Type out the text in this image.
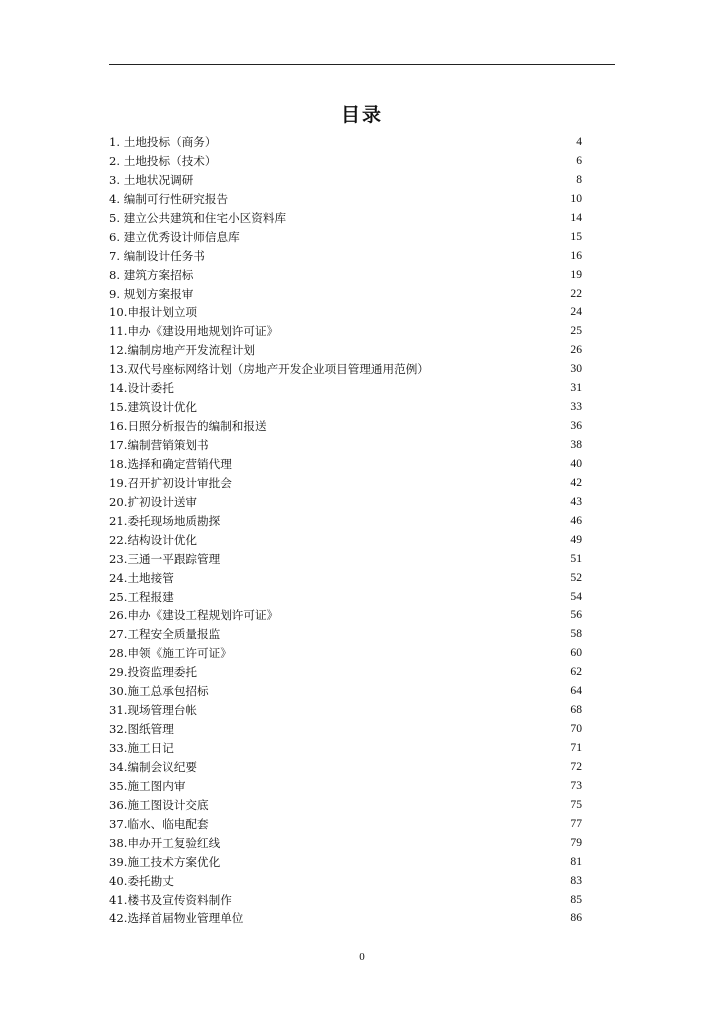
目录
1. 土地投标（商务）	4
2. 土地投标（技术）	6
3. 土地状况调研	8
4. 编制可行性研究报告	10
5. 建立公共建筑和住宅小区资料库	14
6. 建立优秀设计师信息库	15
7. 编制设计任务书	16
8. 建筑方案招标	19
9. 规划方案报审	22
10.申报计划立项	24
11.申办《建设用地规划许可证》	25
12.编制房地产开发流程计划	26
13.双代号座标网络计划（房地产开发企业项目管理通用范例）	30
14.设计委托	31
15.建筑设计优化	33
16.日照分析报告的编制和报送	36
17.编制营销策划书	38
18.选择和确定营销代理	40
19.召开扩初设计审批会	42
20.扩初设计送审	43
21.委托现场地质勘探	46
22.结构设计优化	49
23.三通一平跟踪管理	51
24.土地接管	52
25.工程报建	54
26.申办《建设工程规划许可证》	56
27.工程安全质量报监	58
28.申领《施工许可证》	60
29.投资监理委托	62
30.施工总承包招标	64
31.现场管理台帐	68
32.图纸管理	70
33.施工日记	71
34.编制会议纪要	72
35.施工图内审	73
36.施工图设计交底	75
37.临水、临电配套	77
38.申办开工复验红线	79
39.施工技术方案优化	81
40.委托勘丈	83
41.楼书及宣传资料制作	85
42.选择首届物业管理单位	86
0
